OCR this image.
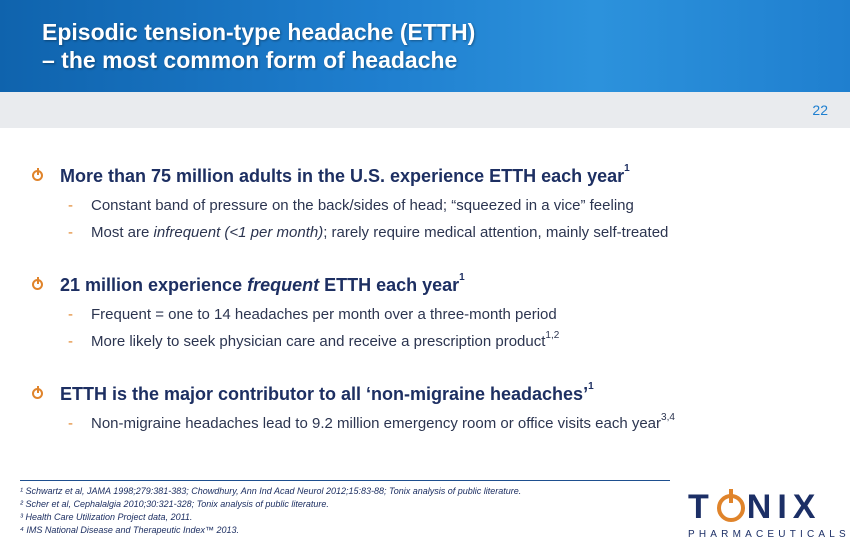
Episodic tension-type headache (ETTH)
– the most common form of headache
22
More than 75 million adults in the U.S. experience ETTH each year$^1$
- Constant band of pressure on the back/sides of head; “squeezed in a vice” feeling
- Most are infrequent (<1 per month); rarely require medical attention, mainly self-treated
21 million experience frequent ETTH each year$^1$
- Frequent = one to 14 headaches per month over a three-month period
- More likely to seek physician care and receive a prescription product$^{1,2}$
ETTH is the major contributor to all ‘non-migraine headaches’$^1$
- Non-migraine headaches lead to 9.2 million emergency room or office visits each year$^{3,4}$
¹ Schwartz et al, JAMA 1998;279:381-383; Chowdhury, Ann Ind Acad Neurol 2012;15:83-88; Tonix analysis of public literature.
² Scher et al, Cephalalgia 2010;30:321-328; Tonix analysis of public literature.
³ Health Care Utilization Project data, 2011.
⁴ IMS National Disease and Therapeutic Index™ 2013.
T NIX
PHARMACEUTICALS
